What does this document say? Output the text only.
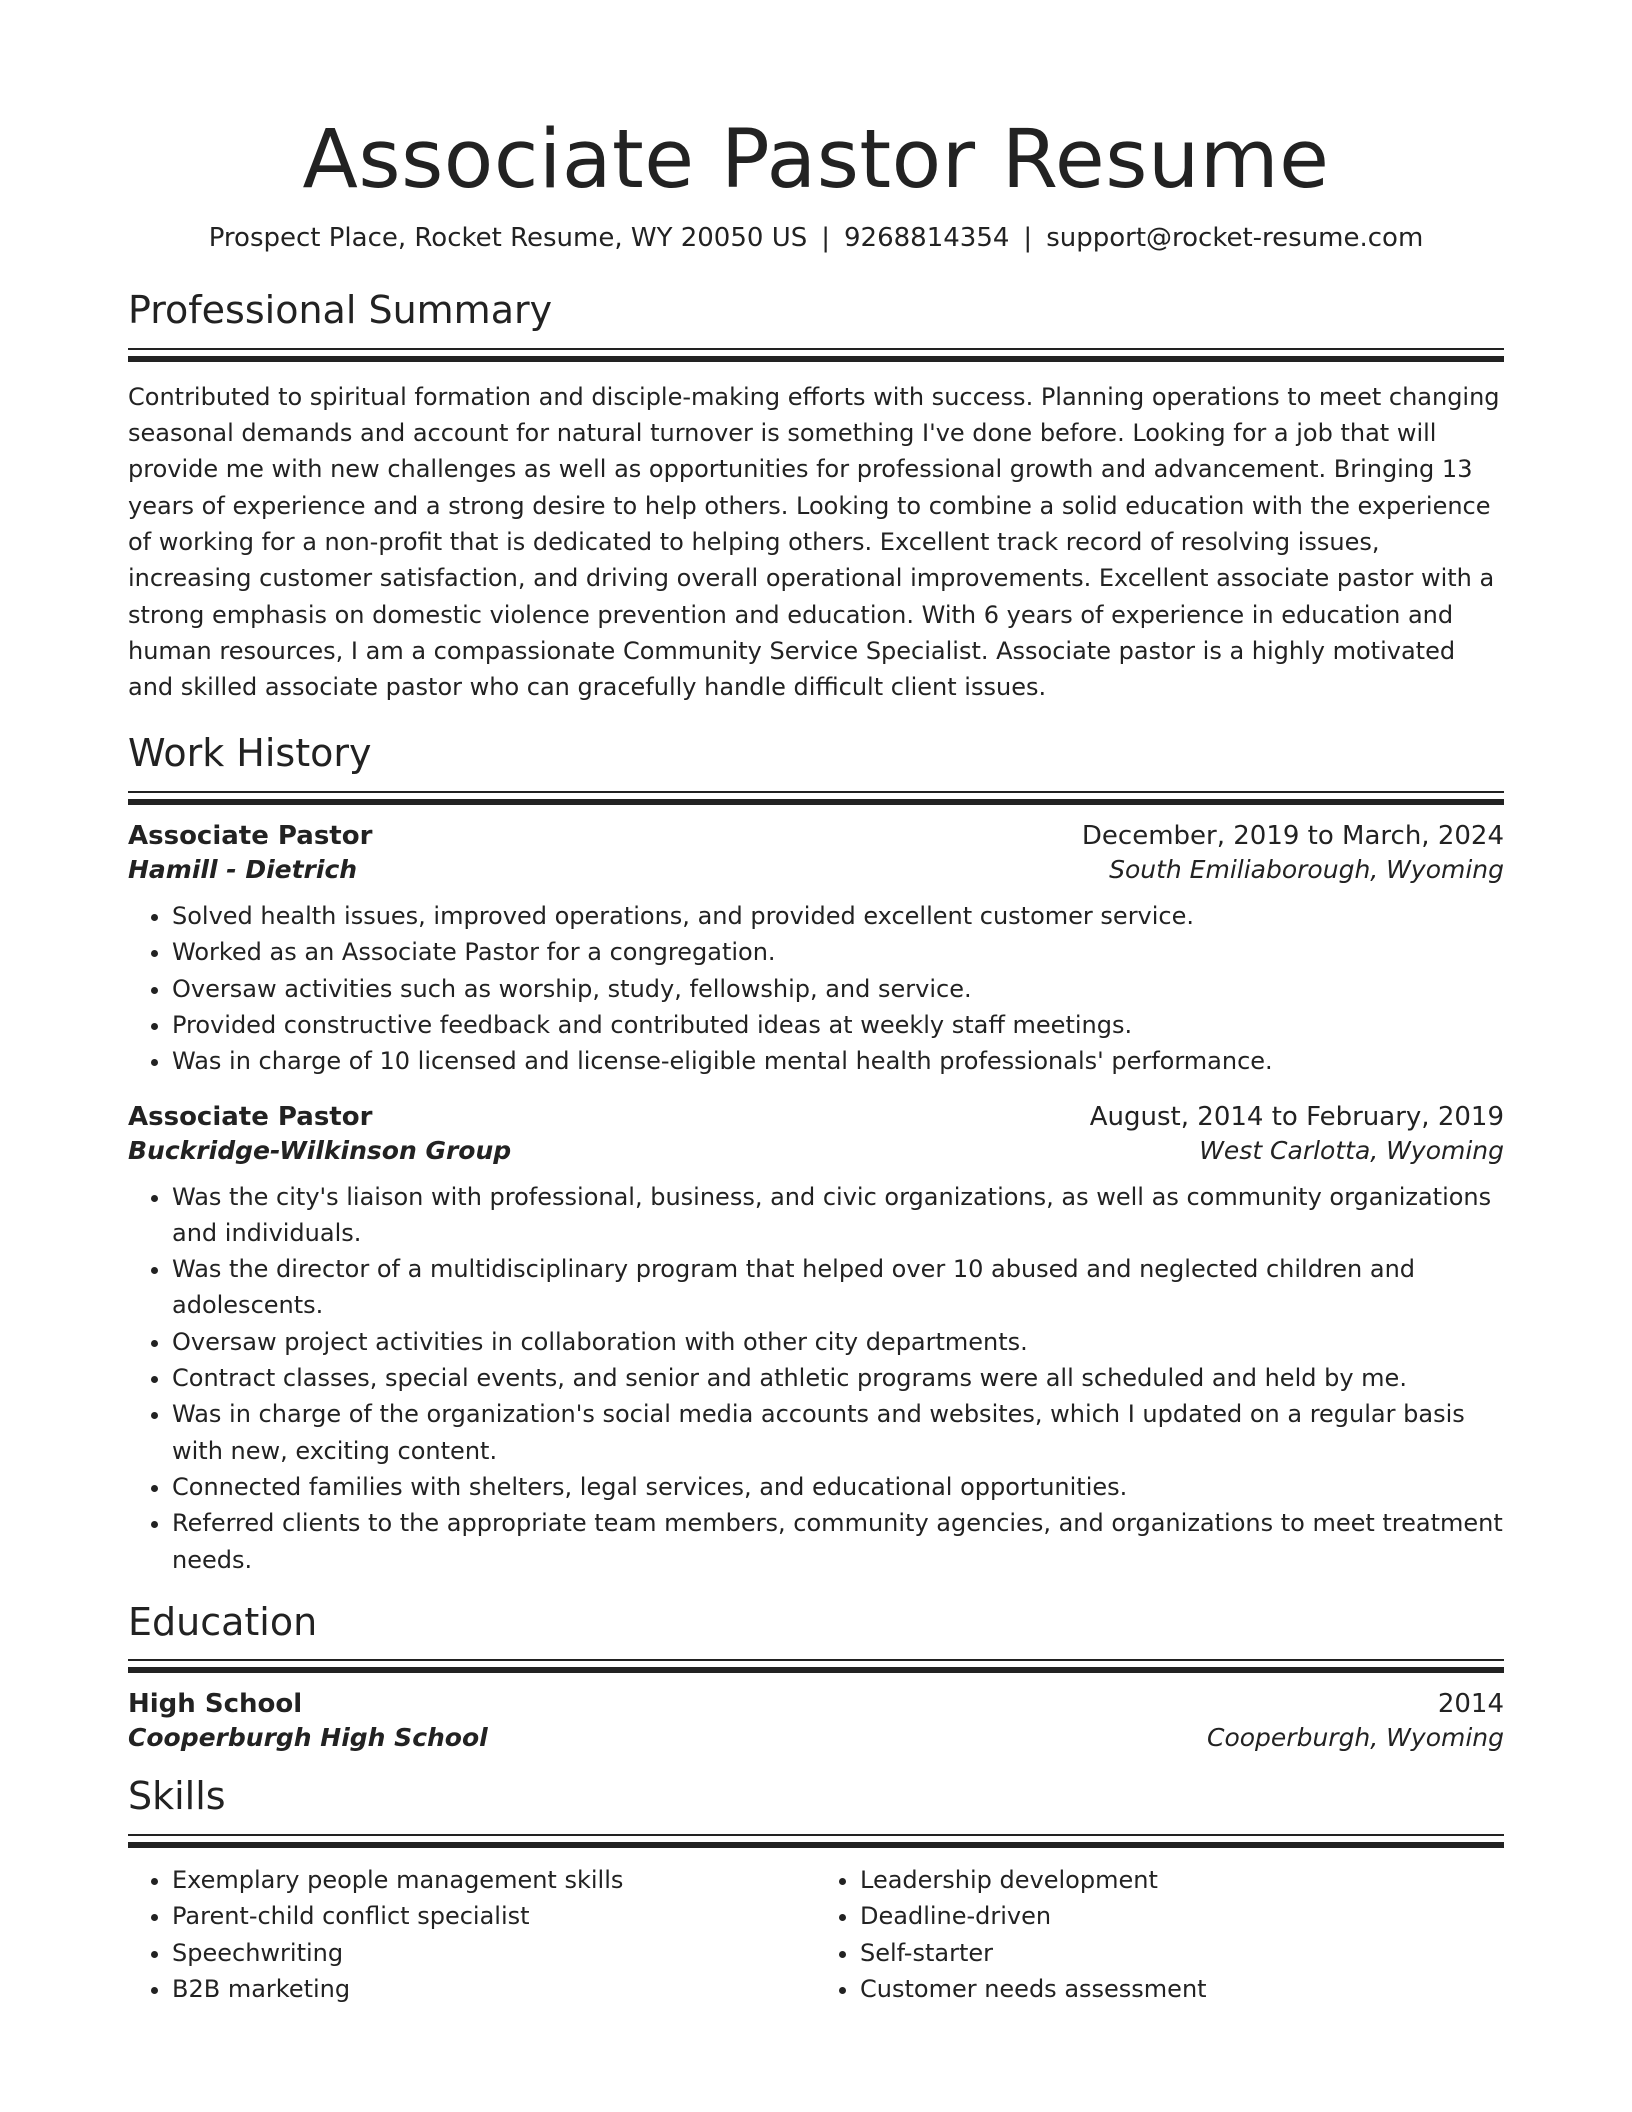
Associate Pastor Resume
Prospect Place, Rocket Resume, WY 20050 US | 9268814354 | support@rocket-resume.com
Professional Summary

Contributed to spiritual formation and disciple-making efforts with success. Planning operations to meet changing seasonal demands and account for natural turnover is something I've done before. Looking for a job that will provide me with new challenges as well as opportunities for professional growth and advancement. Bringing 13 years of experience and a strong desire to help others. Looking to combine a solid education with the experience of working for a non-profit that is dedicated to helping others. Excellent track record of resolving issues, increasing customer satisfaction, and driving overall operational improvements. Excellent associate pastor with a strong emphasis on domestic violence prevention and education. With 6 years of experience in education and human resources, I am a compassionate Community Service Specialist. Associate pastor is a highly motivated and skilled associate pastor who can gracefully handle difficult client issues.

Work History
Associate Pastor	December, 2019 to March, 2024
Hamill - Dietrich	South Emiliaborough, Wyoming
• Solved health issues, improved operations, and provided excellent customer service.
• Worked as an Associate Pastor for a congregation.
• Oversaw activities such as worship, study, fellowship, and service.
• Provided constructive feedback and contributed ideas at weekly staff meetings.
• Was in charge of 10 licensed and license-eligible mental health professionals' performance.
Associate Pastor	August, 2014 to February, 2019
Buckridge-Wilkinson Group	West Carlotta, Wyoming
• Was the city's liaison with professional, business, and civic organizations, as well as community organizations and individuals.
• Was the director of a multidisciplinary program that helped over 10 abused and neglected children and adolescents.
• Oversaw project activities in collaboration with other city departments.
• Contract classes, special events, and senior and athletic programs were all scheduled and held by me.
• Was in charge of the organization's social media accounts and websites, which I updated on a regular basis with new, exciting content.
• Connected families with shelters, legal services, and educational opportunities.
• Referred clients to the appropriate team members, community agencies, and organizations to meet treatment needs.
Education
High School	2014
Cooperburgh High School	Cooperburgh, Wyoming
Skills
• Exemplary people management skills
• Parent-child conflict specialist
• Speechwriting
• B2B marketing
• Leadership development
• Deadline-driven
• Self-starter
• Customer needs assessment
